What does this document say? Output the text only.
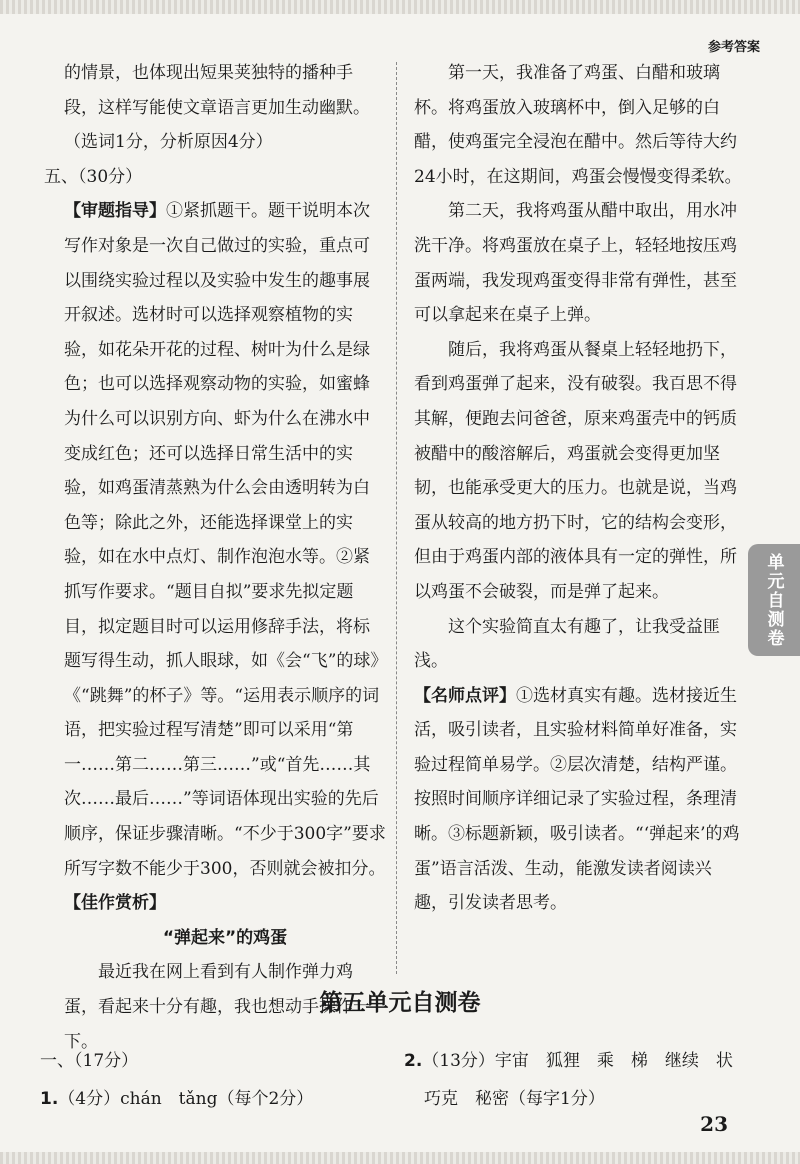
参考答案

的情景，也体现出短果荚独特的播种手

段，这样写能使文章语言更加生动幽默。

（选词1分，分析原因4分）

五、（30分）

【审题指导】①紧抓题干。题干说明本次写作对象是一次自己做过的实验，重点可以围绕实验过程以及实验中发生的趣事展开叙述。选材时可以选择观察植物的实验，如花朵开花的过程、树叶为什么是绿色；也可以选择观察动物的实验，如蜜蜂为什么可以识别方向、虾为什么在沸水中变成红色；还可以选择日常生活中的实验，如鸡蛋清蒸熟为什么会由透明转为白色等；除此之外，还能选择课堂上的实验，如在水中点灯、制作泡泡水等。②紧抓写作要求。“题目自拟”要求先拟定题目，拟定题目时可以运用修辞手法，将标题写得生动，抓人眼球，如《会“飞”的球》《“跳舞”的杯子》等。“运用表示顺序的词语，把实验过程写清楚”即可以采用“第一……第二……第三……”或“首先……其次……最后……”等词语体现出实验的先后顺序，保证步骤清晰。“不少于300字”要求所写字数不能少于300，否则就会被扣分。

【佳作赏析】

“弹起来”的鸡蛋

最近我在网上看到有人制作弹力鸡蛋，看起来十分有趣，我也想动手操作一下。

第一天，我准备了鸡蛋、白醋和玻璃杯。将鸡蛋放入玻璃杯中，倒入足够的白醋，使鸡蛋完全浸泡在醋中。然后等待大约24小时，在这期间，鸡蛋会慢慢变得柔软。

第二天，我将鸡蛋从醋中取出，用水冲洗干净。将鸡蛋放在桌子上，轻轻地按压鸡蛋两端，我发现鸡蛋变得非常有弹性，甚至可以拿起来在桌子上弹。

随后，我将鸡蛋从餐桌上轻轻地扔下，看到鸡蛋弹了起来，没有破裂。我百思不得其解，便跑去问爸爸，原来鸡蛋壳中的钙质被醋中的酸溶解后，鸡蛋就会变得更加坚韧，也能承受更大的压力。也就是说，当鸡蛋从较高的地方扔下时，它的结构会变形，但由于鸡蛋内部的液体具有一定的弹性，所以鸡蛋不会破裂，而是弹了起来。

这个实验简直太有趣了，让我受益匪浅。

【名师点评】①选材真实有趣。选材接近生活，吸引读者，且实验材料简单好准备，实验过程简单易学。②层次清楚，结构严谨。按照时间顺序详细记录了实验过程，条理清晰。③标题新颖，吸引读者。“‘弹起来’的鸡蛋”语言活泼、生动，能激发读者阅读兴趣，引发读者思考。

单元自测卷
第五单元自测卷

一、（17分）

1.（4分）chán　tǎng（每个2分）

2.（13分）宇宙　狐狸　乘　梯　继续　状

巧克　秘密（每字1分）

23
